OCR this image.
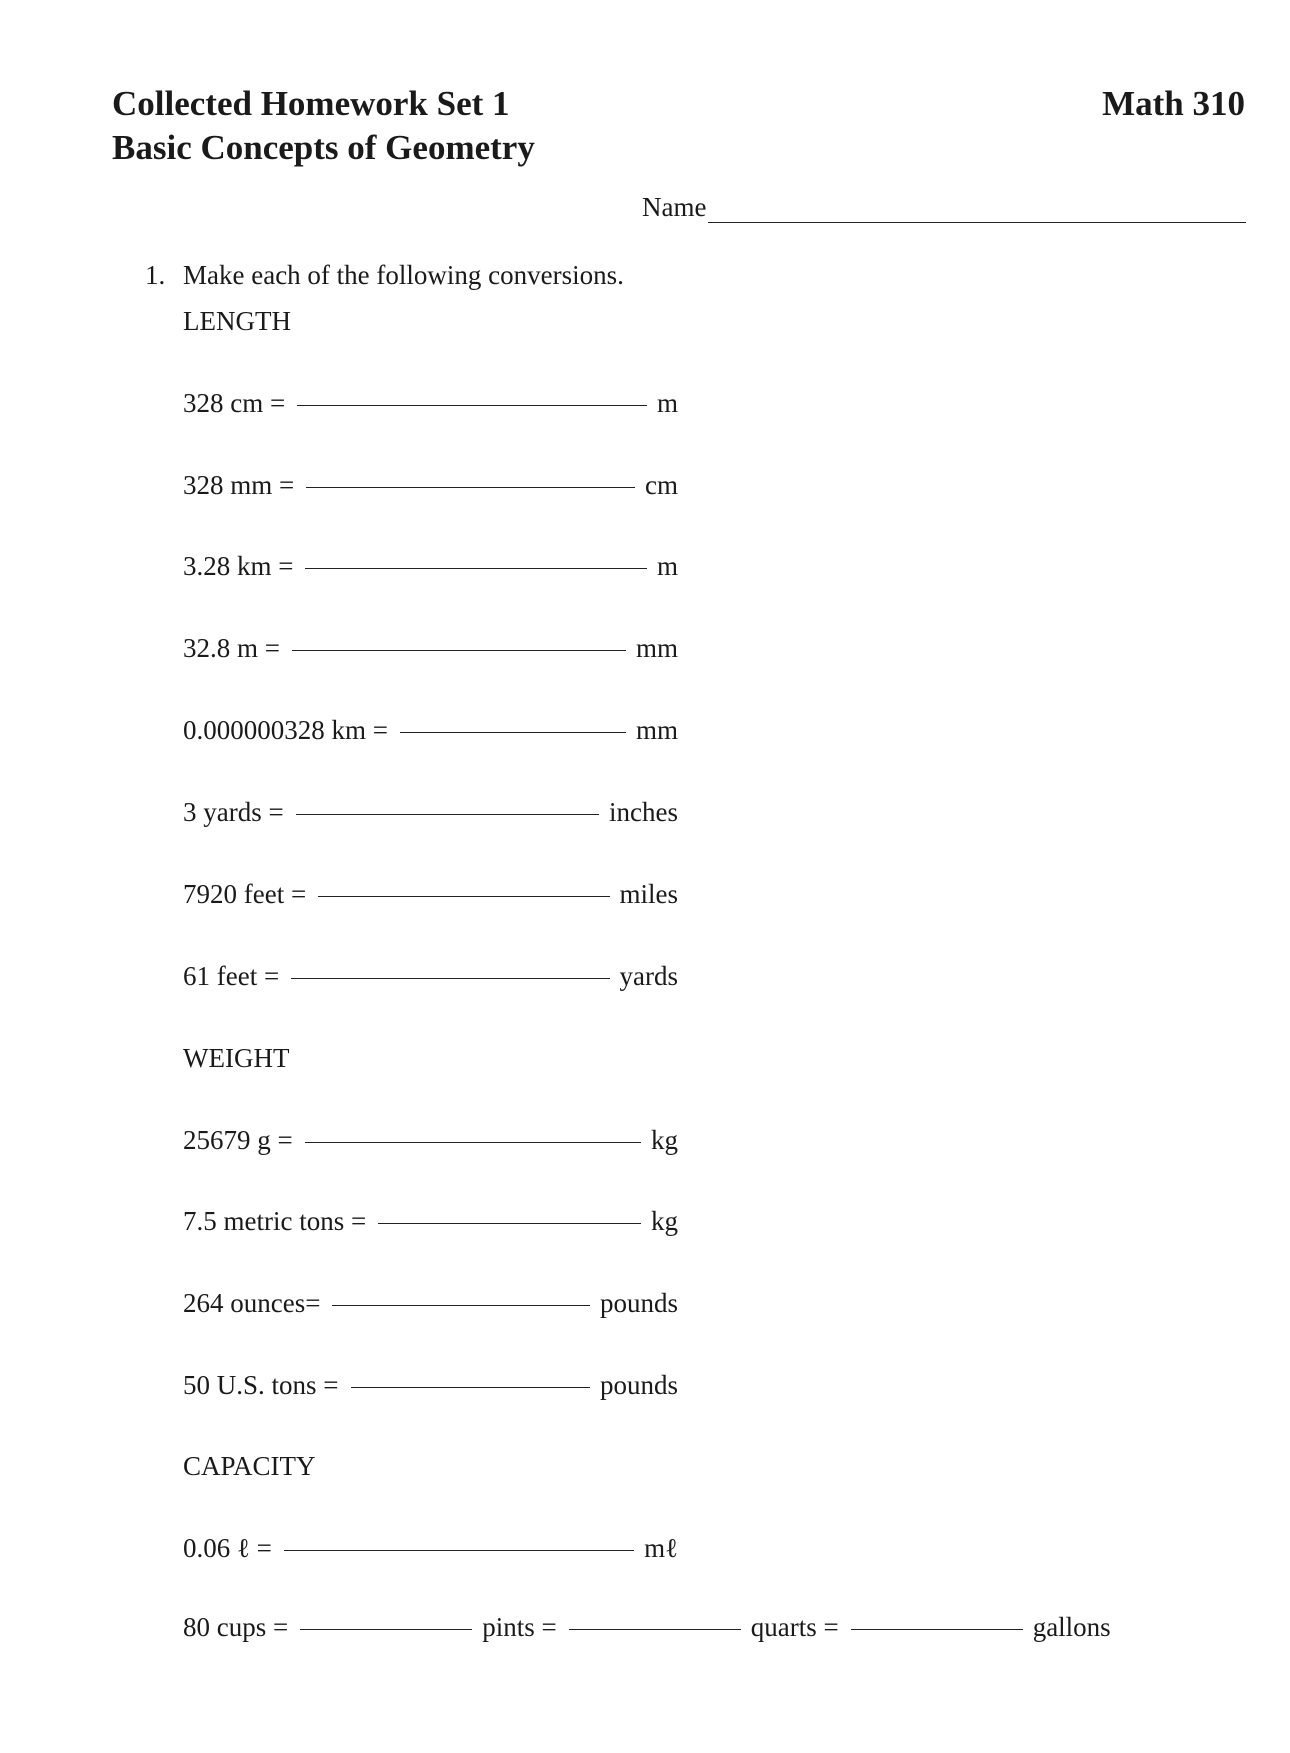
Collected Homework Set 1
Basic Concepts of Geometry
Math 310
Name
1. Make each of the following conversions.
LENGTH
328 cm =	m
328 mm =	cm
3.28 km =	m
32.8 m =	mm
0.000000328 km =	mm
3 yards =	inches
7920 feet =	miles
61 feet =	yards
WEIGHT
25679 g =	kg
7.5 metric tons =	kg
264 ounces=	pounds
50 U.S. tons =	pounds
CAPACITY
0.06 ℓ =	mℓ
80 cups =	pints =	quarts =	gallons
